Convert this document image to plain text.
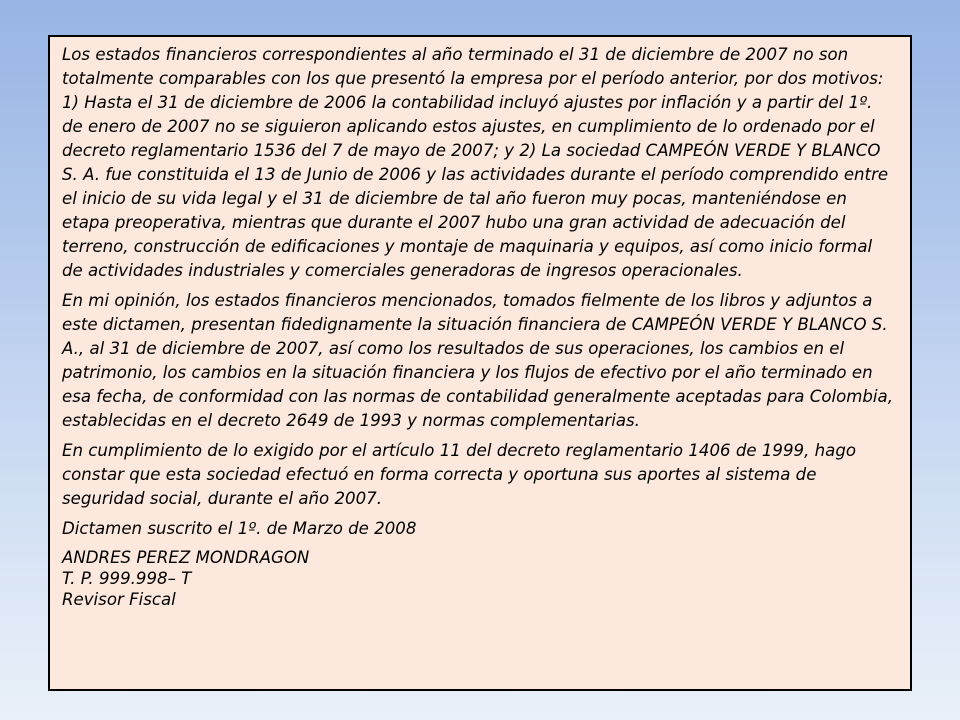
Los estados financieros correspondientes al año terminado el 31 de diciembre de 2007 no son totalmente comparables con los que presentó la empresa por el período anterior, por dos motivos: 1) Hasta el 31 de diciembre de 2006 la contabilidad incluyó ajustes por inflación y a partir del 1º. de enero de 2007 no se siguieron aplicando estos ajustes, en cumplimiento de lo ordenado por el decreto reglamentario 1536 del 7 de mayo de 2007; y 2) La sociedad CAMPEÓN VERDE Y BLANCO S. A. fue constituida el 13 de Junio de 2006 y las actividades durante el período comprendido entre el inicio de su vida legal y el 31 de diciembre de tal año fueron muy pocas, manteniéndose en etapa preoperativa, mientras que durante el 2007 hubo una gran actividad de adecuación del terreno, construcción de edificaciones y montaje de maquinaria y equipos, así como inicio formal de actividades industriales y comerciales generadoras de ingresos operacionales.

En mi opinión, los estados financieros mencionados, tomados fielmente de los libros y adjuntos a este dictamen, presentan fidedignamente la situación financiera de CAMPEÓN VERDE Y BLANCO S. A., al 31 de diciembre de 2007, así como los resultados de sus operaciones, los cambios en el patrimonio, los cambios en la situación financiera y los flujos de efectivo por el año terminado en esa fecha, de conformidad con las normas de contabilidad generalmente aceptadas para Colombia, establecidas en el decreto 2649 de 1993 y normas complementarias.

En cumplimiento de lo exigido por el artículo 11 del decreto reglamentario 1406 de 1999, hago constar que esta sociedad efectuó en forma correcta y oportuna sus aportes al sistema de seguridad social, durante el año 2007.

Dictamen suscrito el 1º. de Marzo de 2008

ANDRES PEREZ MONDRAGON
T. P. 999.998– T
Revisor Fiscal
